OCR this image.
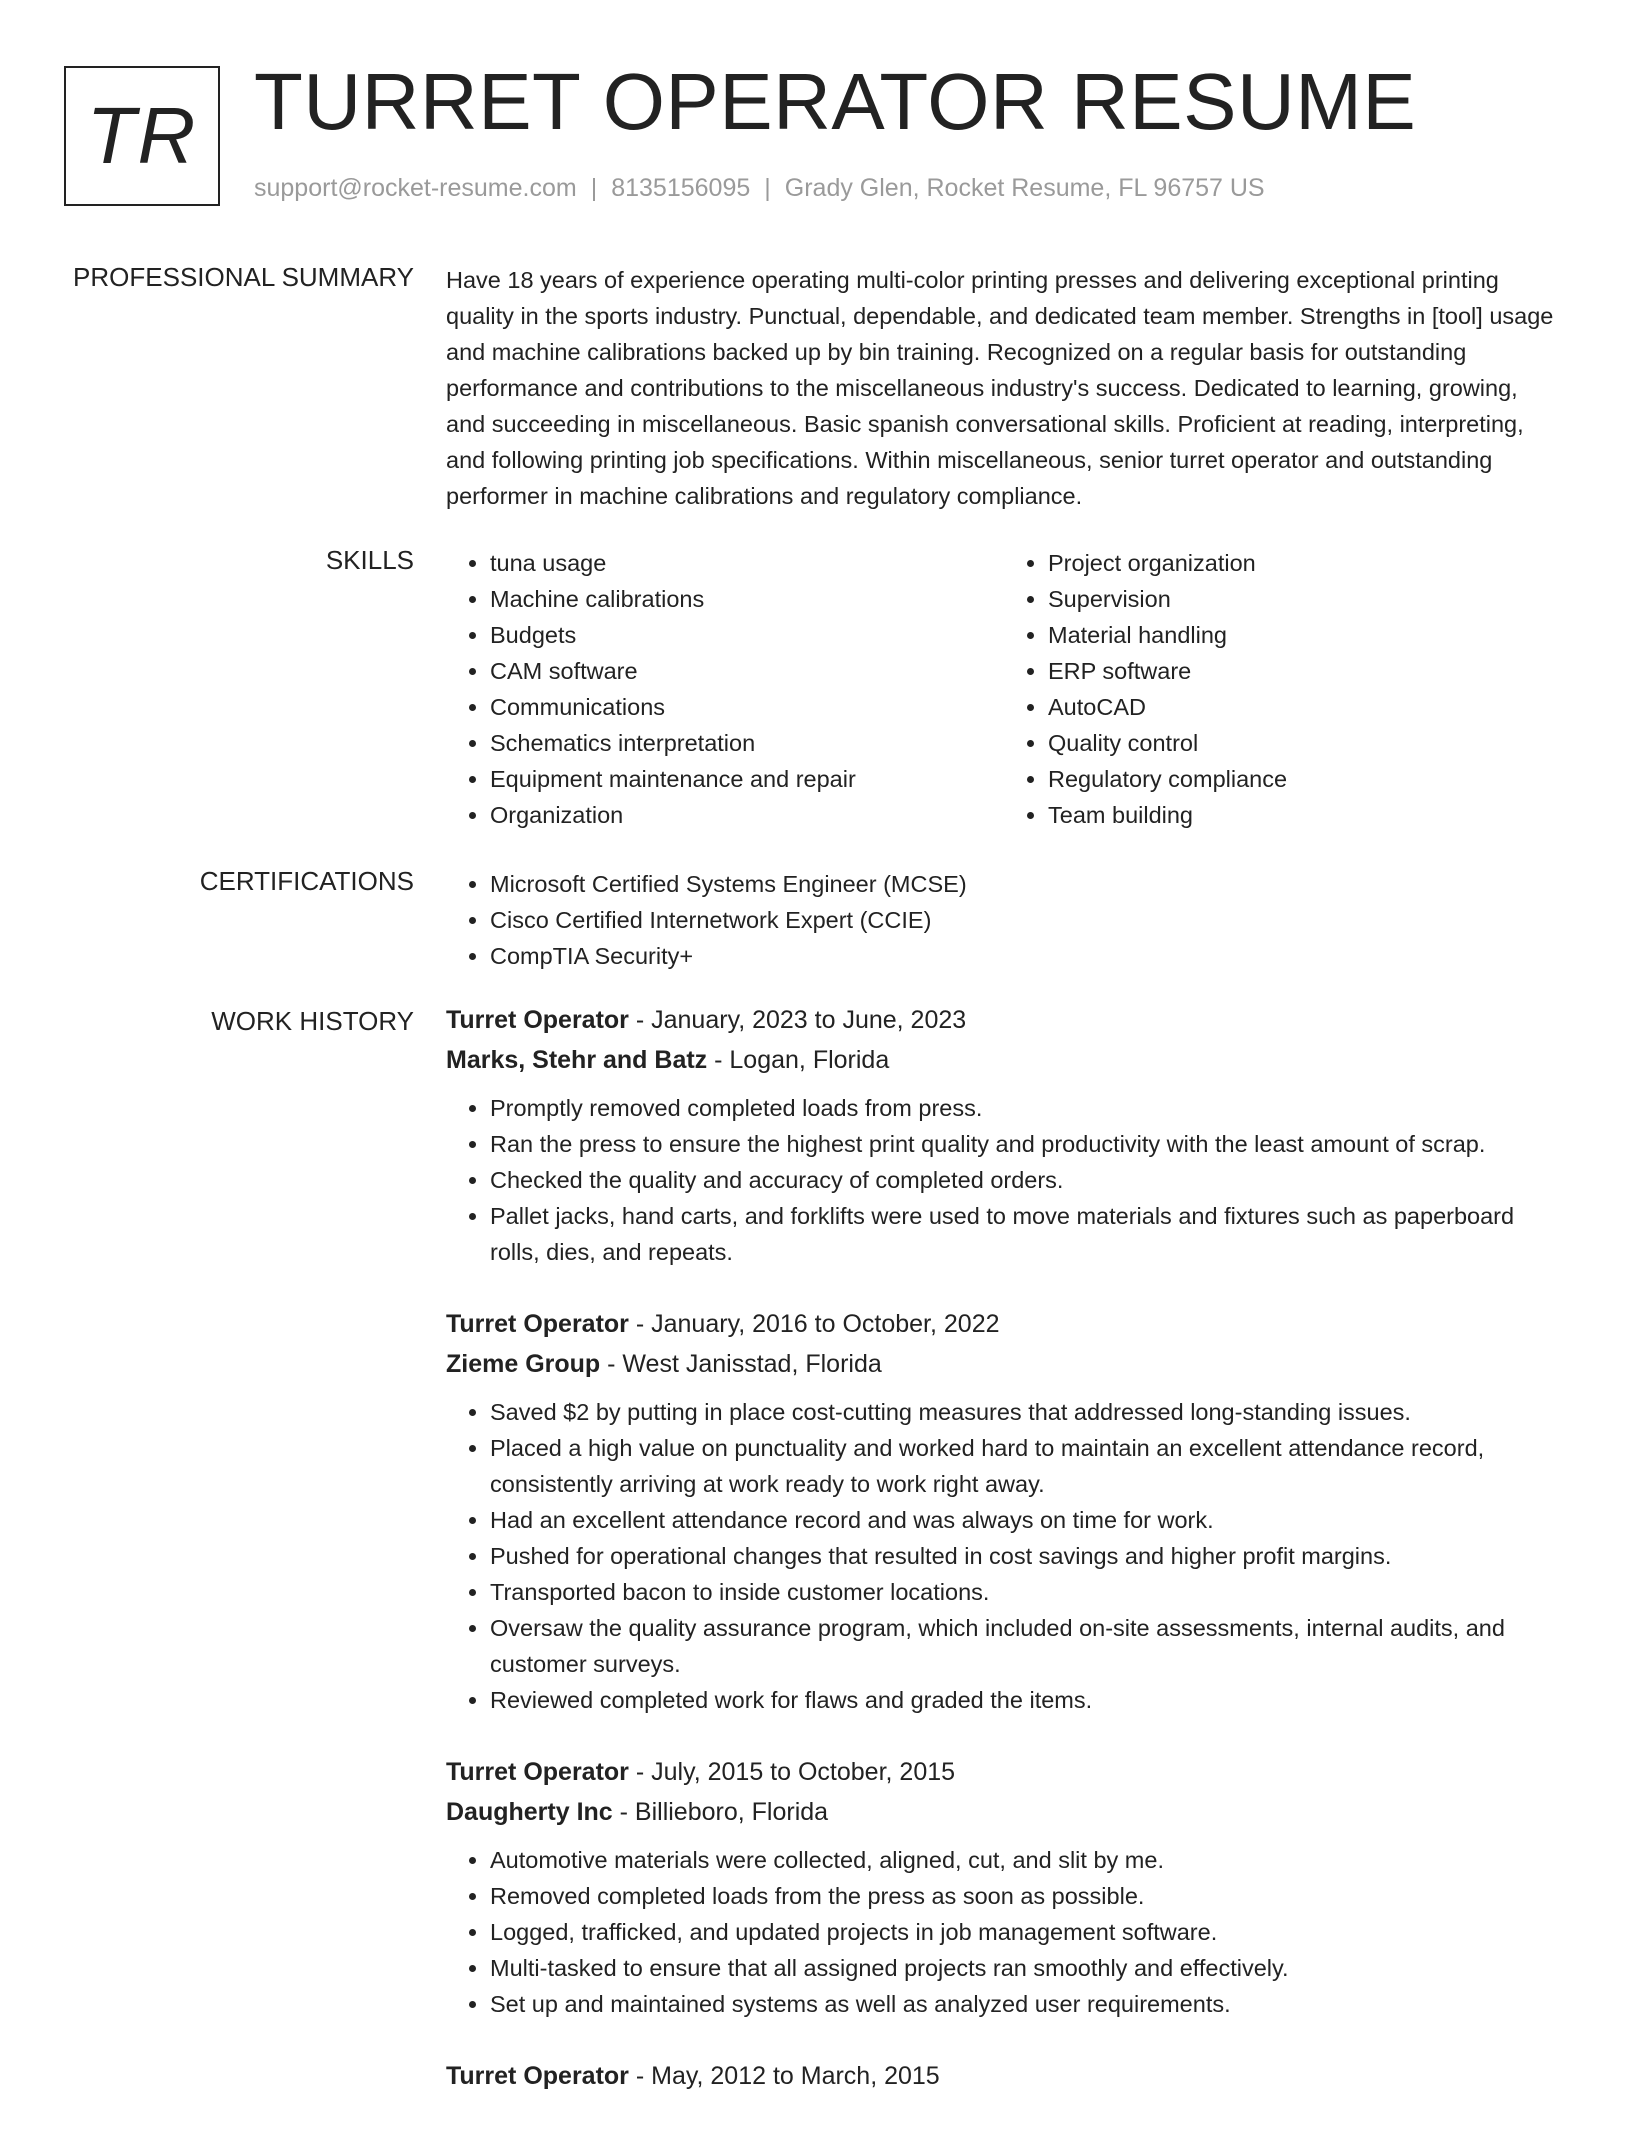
TR TURRET OPERATOR RESUME
support@rocket-resume.com | 8135156095 | Grady Glen, Rocket Resume, FL 96757 US
PROFESSIONAL SUMMARY Have 18 years of experience operating multi-color printing presses and delivering exceptional printing quality in the sports industry. Punctual, dependable, and dedicated team member. Strengths in [tool] usage and machine calibrations backed up by bin training. Recognized on a regular basis for outstanding performance and contributions to the miscellaneous industry's success. Dedicated to learning, growing, and succeeding in miscellaneous. Basic spanish conversational skills. Proficient at reading, interpreting, and following printing job specifications. Within miscellaneous, senior turret operator and outstanding performer in machine calibrations and regulatory compliance.

SKILLS	• tuna usage
• Machine calibrations
• Budgets
• CAM software
• Communications
• Schematics interpretation
• Equipment maintenance and repair
• Organization
• Project organization
• Supervision
• Material handling
• ERP software
• AutoCAD
• Quality control
• Regulatory compliance
• Team building
CERTIFICATIONS	• Microsoft Certified Systems Engineer (MCSE)
• Cisco Certified Internetwork Expert (CCIE)
• CompTIA Security+
WORK HISTORY Turret Operator - January, 2023 to June, 2023
Marks, Stehr and Batz - Logan, Florida
• Promptly removed completed loads from press.
• Ran the press to ensure the highest print quality and productivity with the least amount of scrap.
• Checked the quality and accuracy of completed orders.
• Pallet jacks, hand carts, and forklifts were used to move materials and fixtures such as paperboard rolls, dies, and repeats.
Turret Operator - January, 2016 to October, 2022
Zieme Group - West Janisstad, Florida
• Saved $2 by putting in place cost-cutting measures that addressed long-standing issues.
• Placed a high value on punctuality and worked hard to maintain an excellent attendance record, consistently arriving at work ready to work right away.
• Had an excellent attendance record and was always on time for work.
• Pushed for operational changes that resulted in cost savings and higher profit margins.
• Transported bacon to inside customer locations.
• Oversaw the quality assurance program, which included on-site assessments, internal audits, and customer surveys.
• Reviewed completed work for flaws and graded the items.
Turret Operator - July, 2015 to October, 2015
Daugherty Inc - Billieboro, Florida
• Automotive materials were collected, aligned, cut, and slit by me.
• Removed completed loads from the press as soon as possible.
• Logged, trafficked, and updated projects in job management software.
• Multi-tasked to ensure that all assigned projects ran smoothly and effectively.
• Set up and maintained systems as well as analyzed user requirements.
Turret Operator - May, 2012 to March, 2015
